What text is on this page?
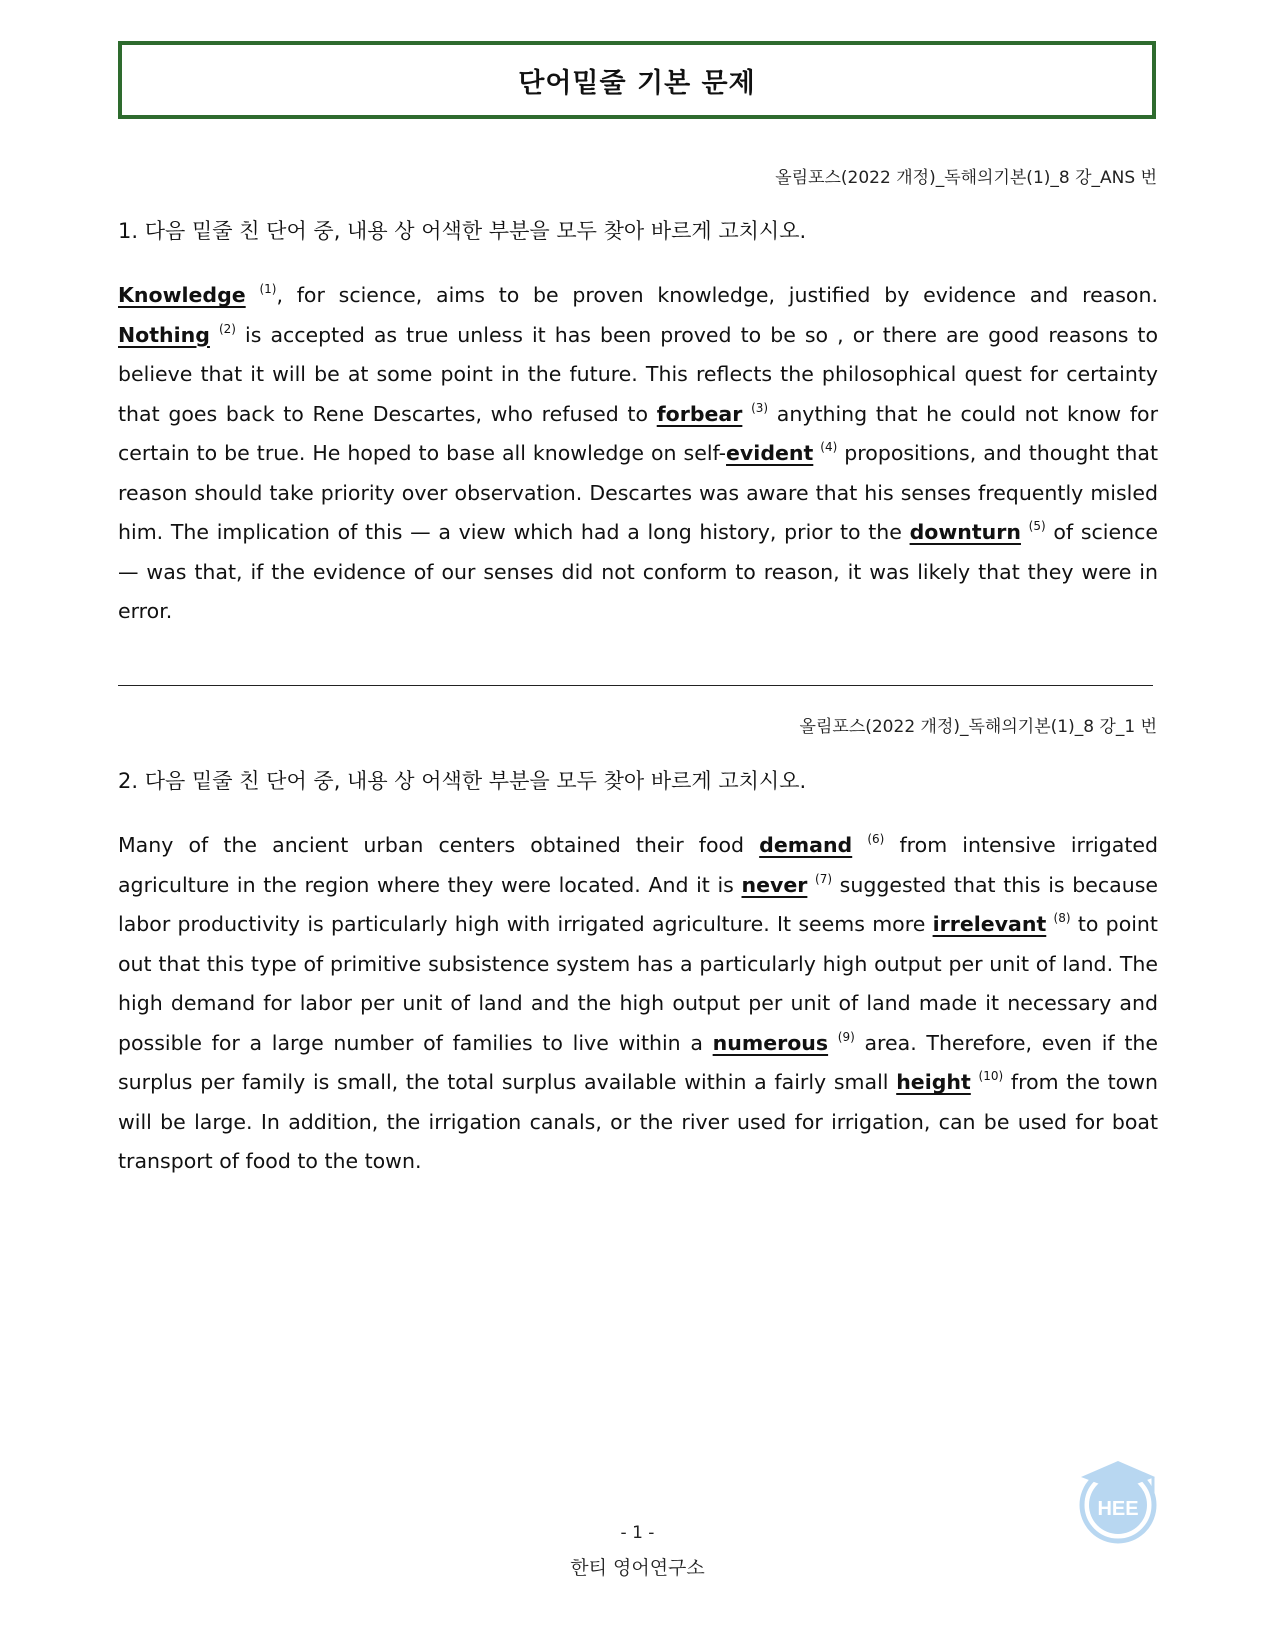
단어밑줄 기본 문제
올림포스(2022 개정)_독해의기본(1)_8 강_ANS 번
1. 다음 밑줄 친 단어 중, 내용 상 어색한 부분을 모두 찾아 바르게 고치시오.

Knowledge $^{(1)}$, for science, aims to be proven knowledge, justified by evidence and reason. Nothing $^{(2)}$ is accepted as true unless it has been proved to be so , or there are good reasons to believe that it will be at some point in the future. This reflects the philosophical quest for certainty that goes back to Rene Descartes, who refused to forbear $^{(3)}$ anything that he could not know for certain to be true. He hoped to base all knowledge on self-evident $^{(4)}$ propositions, and thought that reason should take priority over observation. Descartes was aware that his senses frequently misled him. The implication of this — a view which had a long history, prior to the downturn $^{(5)}$ of science — was that, if the evidence of our senses did not conform to reason, it was likely that they were in error.

올림포스(2022 개정)_독해의기본(1)_8 강_1 번
2. 다음 밑줄 친 단어 중, 내용 상 어색한 부분을 모두 찾아 바르게 고치시오.

Many of the ancient urban centers obtained their food demand $^{(6)}$ from intensive irrigated agriculture in the region where they were located. And it is never $^{(7)}$ suggested that this is because labor productivity is particularly high with irrigated agriculture. It seems more irrelevant $^{(8)}$ to point out that this type of primitive subsistence system has a particularly high output per unit of land. The high demand for labor per unit of land and the high output per unit of land made it necessary and possible for a large number of families to live within a numerous $^{(9)}$ area. Therefore, even if the surplus per family is small, the total surplus available within a fairly small height $^{(10)}$ from the town will be large. In addition, the irrigation canals, or the river used for irrigation, can be used for boat transport of food to the town.

- 1 -
한티 영어연구소
HEE
